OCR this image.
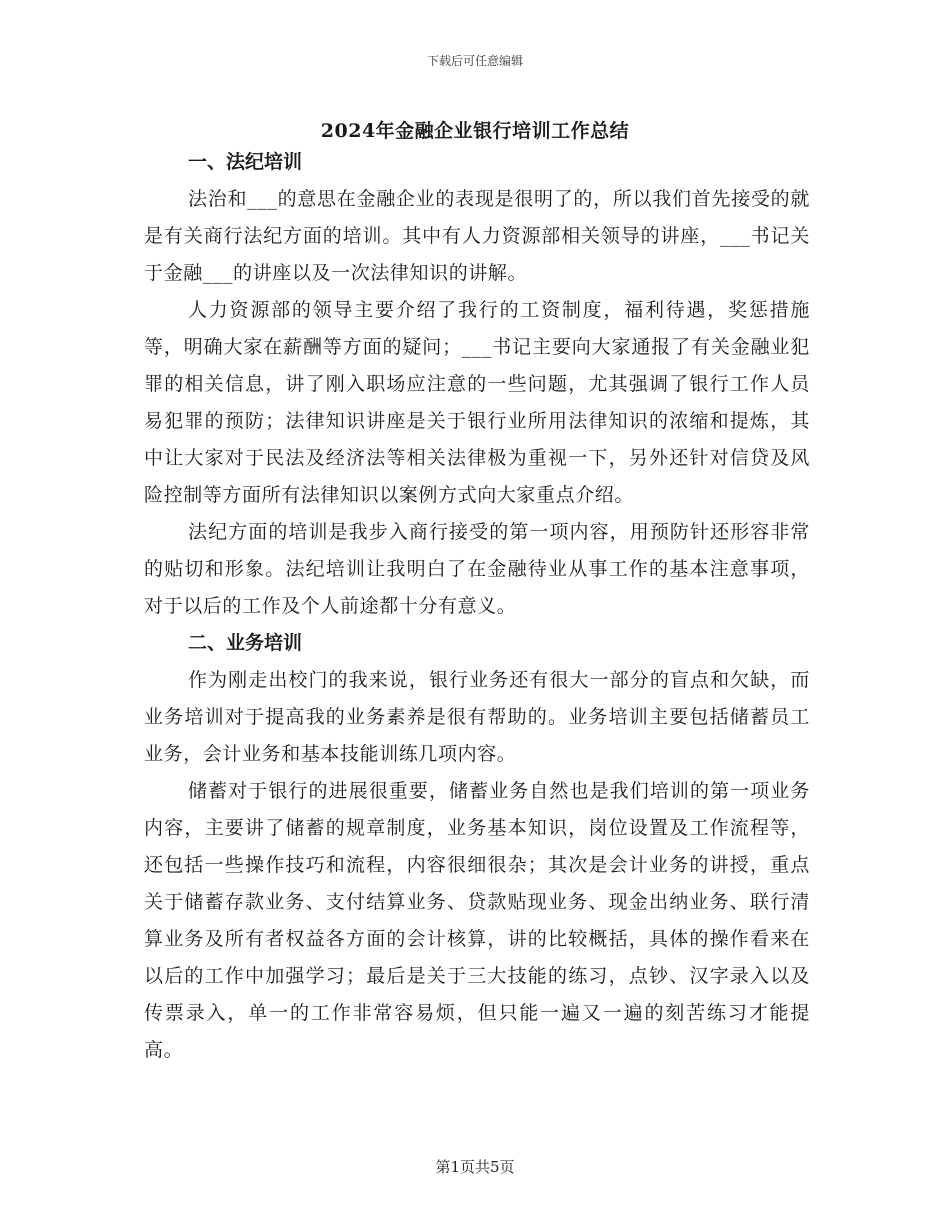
下载后可任意编辑
2024年金融企业银行培训工作总结

一、法纪培训

法治和___的意思在金融企业的表现是很明了的，所以我们首先接受的就是有关商行法纪方面的培训。其中有人力资源部相关领导的讲座，___书记关于金融___的讲座以及一次法律知识的讲解。

人力资源部的领导主要介绍了我行的工资制度，福利待遇，奖惩措施等，明确大家在薪酬等方面的疑问；___书记主要向大家通报了有关金融业犯罪的相关信息，讲了刚入职场应注意的一些问题，尤其强调了银行工作人员易犯罪的预防；法律知识讲座是关于银行业所用法律知识的浓缩和提炼，其中让大家对于民法及经济法等相关法律极为重视一下，另外还针对信贷及风险控制等方面所有法律知识以案例方式向大家重点介绍。

法纪方面的培训是我步入商行接受的第一项内容，用预防针还形容非常的贴切和形象。法纪培训让我明白了在金融待业从事工作的基本注意事项，对于以后的工作及个人前途都十分有意义。

二、业务培训

作为刚走出校门的我来说，银行业务还有很大一部分的盲点和欠缺，而业务培训对于提高我的业务素养是很有帮助的。业务培训主要包括储蓄员工业务，会计业务和基本技能训练几项内容。

储蓄对于银行的进展很重要，储蓄业务自然也是我们培训的第一项业务内容，主要讲了储蓄的规章制度，业务基本知识，岗位设置及工作流程等，还包括一些操作技巧和流程，内容很细很杂；其次是会计业务的讲授，重点关于储蓄存款业务、支付结算业务、贷款贴现业务、现金出纳业务、联行清算业务及所有者权益各方面的会计核算，讲的比较概括，具体的操作看来在以后的工作中加强学习；最后是关于三大技能的练习，点钞、汉字录入以及传票录入，单一的工作非常容易烦，但只能一遍又一遍的刻苦练习才能提高。

第1页共5页
